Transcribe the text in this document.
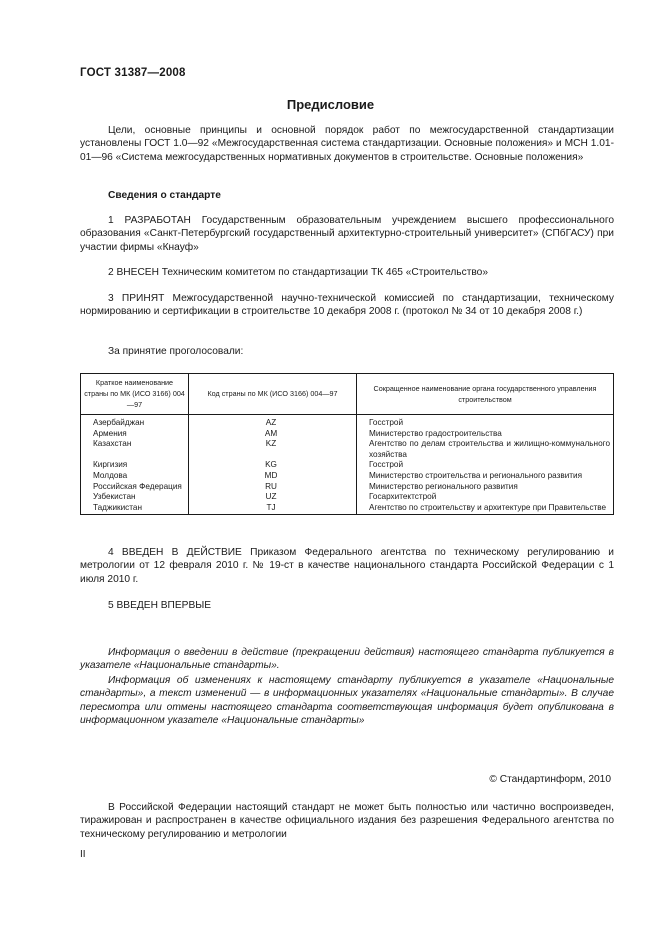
ГОСТ 31387—2008
Предисловие
Цели, основные принципы и основной порядок работ по межгосударственной стандартизации установлены ГОСТ 1.0—92 «Межгосударственная система стандартизации. Основные положения» и МСН 1.01-01—96 «Система межгосударственных нормативных документов в строительстве. Основные положения»
Сведения о стандарте
1 РАЗРАБОТАН Государственным образовательным учреждением высшего профессионального образования «Санкт-Петербургский государственный архитектурно-строительный университет» (СПбГАСУ) при участии фирмы «Кнауф»
2 ВНЕСЕН Техническим комитетом по стандартизации ТК 465 «Строительство»
3 ПРИНЯТ Межгосударственной научно-технической комиссией по стандартизации, техническому нормированию и сертификации в строительстве 10 декабря 2008 г. (протокол № 34 от 10 декабря 2008 г.)
За принятие проголосовали:
Краткое наименование страны по МК (ИСО 3166) 004—97	Код страны по МК (ИСО 3166) 004—97	Сокращенное наименование органа государственного управления строительством
Азербайджан	AZ	Госстрой
Армения	AM	Министерство градостроительства
Казахстан	KZ	Агентство по делам строительства и жилищно-коммунального хозяйства
Киргизия	KG	Госстрой
Молдова	MD	Министерство строительства и регионального развития
Российская Федерация	RU	Министерство регионального развития
Узбекистан	UZ	Госархитектстрой
Таджикистан	TJ	Агентство по строительству и архитектуре при Правительстве
4 ВВЕДЕН В ДЕЙСТВИЕ Приказом Федерального агентства по техническому регулированию и метрологии от 12 февраля 2010 г. № 19-ст в качестве национального стандарта Российской Федерации с 1 июля 2010 г.
5 ВВЕДЕН ВПЕРВЫЕ
Информация о введении в действие (прекращении действия) настоящего стандарта публикуется в указателе «Национальные стандарты».
Информация об изменениях к настоящему стандарту публикуется в указателе «Национальные стандарты», а текст изменений — в информационных указателях «Национальные стандарты». В случае пересмотра или отмены настоящего стандарта соответствующая информация будет опубликована в информационном указателе «Национальные стандарты»
© Стандартинформ, 2010
В Российской Федерации настоящий стандарт не может быть полностью или частично воспроизведен, тиражирован и распространен в качестве официального издания без разрешения Федерального агентства по техническому регулированию и метрологии
II
